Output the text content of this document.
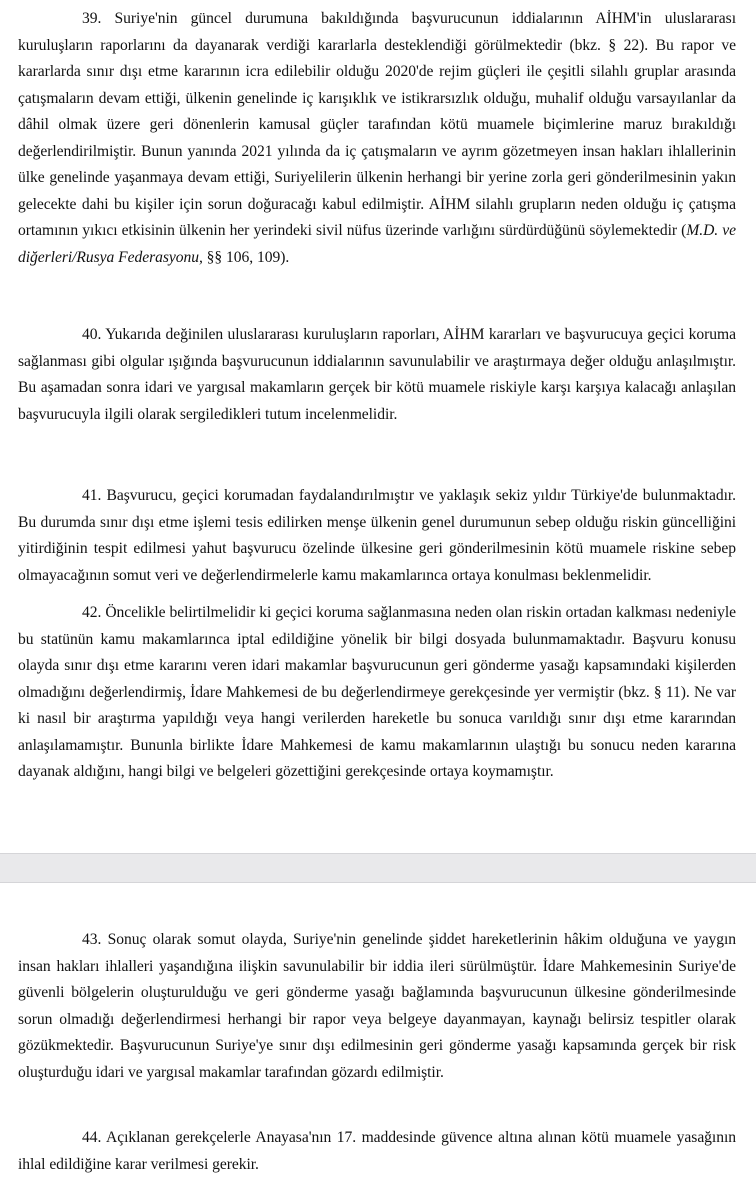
39. Suriye'nin güncel durumuna bakıldığında başvurucunun iddialarının AİHM'in uluslararası kuruluşların raporlarını da dayanarak verdiği kararlarla desteklendiği görülmektedir (bkz. § 22). Bu rapor ve kararlarda sınır dışı etme kararının icra edilebilir olduğu 2020'de rejim güçleri ile çeşitli silahlı gruplar arasında çatışmaların devam ettiği, ülkenin genelinde iç karışıklık ve istikrarsızlık olduğu, muhalif olduğu varsayılanlar da dâhil olmak üzere geri dönenlerin kamusal güçler tarafından kötü muamele biçimlerine maruz bırakıldığı değerlendirilmiştir. Bunun yanında 2021 yılında da iç çatışmaların ve ayrım gözetmeyen insan hakları ihlallerinin ülke genelinde yaşanmaya devam ettiği, Suriyelilerin ülkenin herhangi bir yerine zorla geri gönderilmesinin yakın gelecekte dahi bu kişiler için sorun doğuracağı kabul edilmiştir. AİHM silahlı grupların neden olduğu iç çatışma ortamının yıkıcı etkisinin ülkenin her yerindeki sivil nüfus üzerinde varlığını sürdürdüğünü söylemektedir (M.D. ve diğerleri/Rusya Federasyonu, §§ 106, 109).

40. Yukarıda değinilen uluslararası kuruluşların raporları, AİHM kararları ve başvurucuya geçici koruma sağlanması gibi olgular ışığında başvurucunun iddialarının savunulabilir ve araştırmaya değer olduğu anlaşılmıştır. Bu aşamadan sonra idari ve yargısal makamların gerçek bir kötü muamele riskiyle karşı karşıya kalacağı anlaşılan başvurucuyla ilgili olarak sergiledikleri tutum incelenmelidir.

41. Başvurucu, geçici korumadan faydalandırılmıştır ve yaklaşık sekiz yıldır Türkiye'de bulunmaktadır. Bu durumda sınır dışı etme işlemi tesis edilirken menşe ülkenin genel durumunun sebep olduğu riskin güncelliğini yitirdiğinin tespit edilmesi yahut başvurucu özelinde ülkesine geri gönderilmesinin kötü muamele riskine sebep olmayacağının somut veri ve değerlendirmelerle kamu makamlarınca ortaya konulması beklenmelidir.

42. Öncelikle belirtilmelidir ki geçici koruma sağlanmasına neden olan riskin ortadan kalkması nedeniyle bu statünün kamu makamlarınca iptal edildiğine yönelik bir bilgi dosyada bulunmamaktadır. Başvuru konusu olayda sınır dışı etme kararını veren idari makamlar başvurucunun geri gönderme yasağı kapsamındaki kişilerden olmadığını değerlendirmiş, İdare Mahkemesi de bu değerlendirmeye gerekçesinde yer vermiştir (bkz. § 11). Ne var ki nasıl bir araştırma yapıldığı veya hangi verilerden hareketle bu sonuca varıldığı sınır dışı etme kararından anlaşılamamıştır. Bununla birlikte İdare Mahkemesi de kamu makamlarının ulaştığı bu sonucu neden kararına dayanak aldığını, hangi bilgi ve belgeleri gözettiğini gerekçesinde ortaya koymamıştır.

43. Sonuç olarak somut olayda, Suriye'nin genelinde şiddet hareketlerinin hâkim olduğuna ve yaygın insan hakları ihlalleri yaşandığına ilişkin savunulabilir bir iddia ileri sürülmüştür. İdare Mahkemesinin Suriye'de güvenli bölgelerin oluşturulduğu ve geri gönderme yasağı bağlamında başvurucunun ülkesine gönderilmesinde sorun olmadığı değerlendirmesi herhangi bir rapor veya belgeye dayanmayan, kaynağı belirsiz tespitler olarak gözükmektedir. Başvurucunun Suriye'ye sınır dışı edilmesinin geri gönderme yasağı kapsamında gerçek bir risk oluşturduğu idari ve yargısal makamlar tarafından gözardı edilmiştir.

44. Açıklanan gerekçelerle Anayasa'nın 17. maddesinde güvence altına alınan kötü muamele yasağının ihlal edildiğine karar verilmesi gerekir.
